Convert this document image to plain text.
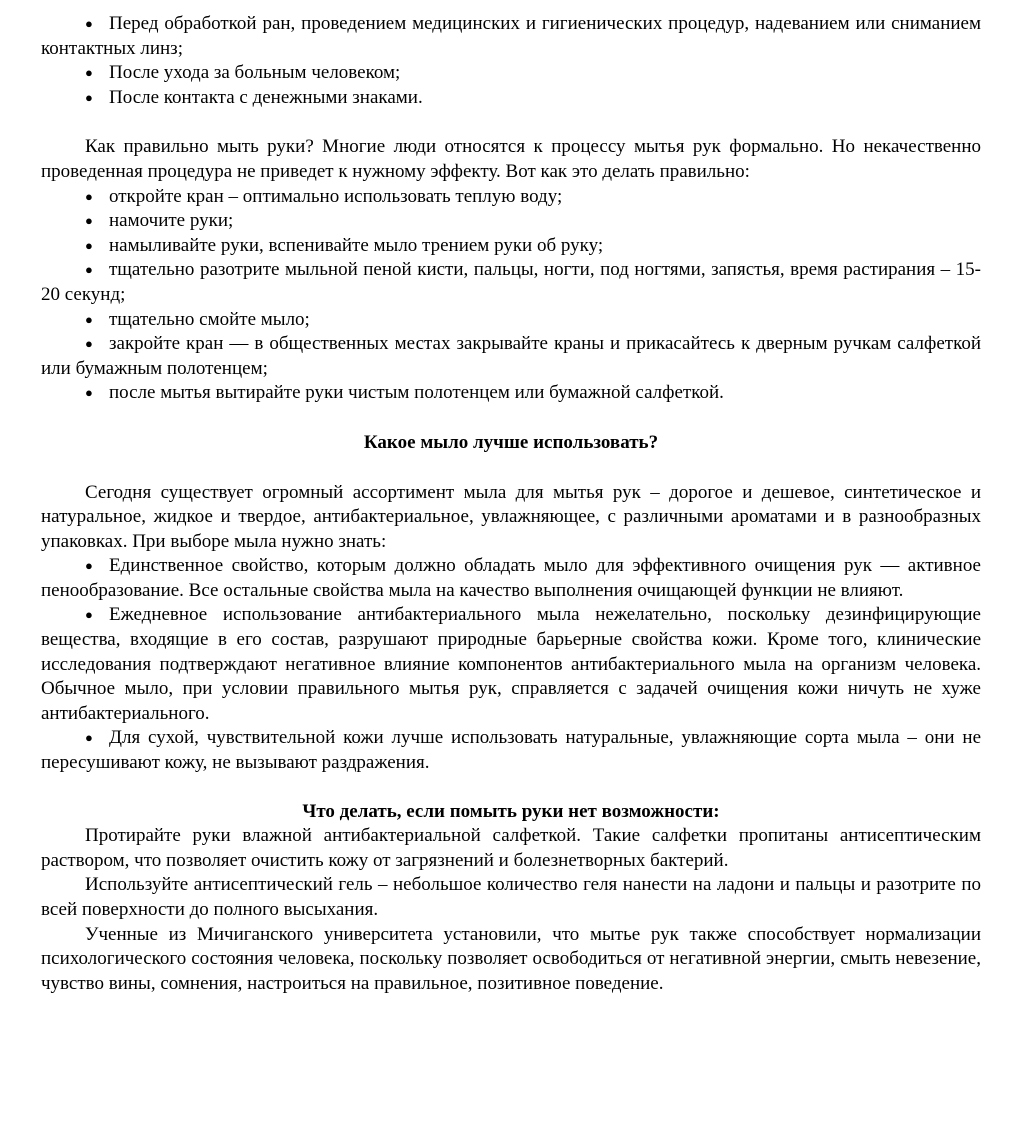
● Перед обработкой ран, проведением медицинских и гигиенических процедур, надеванием или сниманием контактных линз;

● После ухода за больным человеком;

● После контакта с денежными знаками.

Как правильно мыть руки? Многие люди относятся к процессу мытья рук формально. Но некачественно проведенная процедура не приведет к нужному эффекту. Вот как это делать правильно:

● откройте кран – оптимально использовать теплую воду;

● намочите руки;

● намыливайте руки, вспенивайте мыло трением руки об руку;

● тщательно разотрите мыльной пеной кисти, пальцы, ногти, под ногтями, запястья, время растирания – 15-20 секунд;

● тщательно смойте мыло;

● закройте кран — в общественных местах закрывайте краны и прикасайтесь к дверным ручкам салфеткой или бумажным полотенцем;

● после мытья вытирайте руки чистым полотенцем или бумажной салфеткой.

Какое мыло лучше использовать?

Сегодня существует огромный ассортимент мыла для мытья рук – дорогое и дешевое, синтетическое и натуральное, жидкое и твердое, антибактериальное, увлажняющее, с различными ароматами и в разнообразных упаковках. При выборе мыла нужно знать:

● Единственное свойство, которым должно обладать мыло для эффективного очищения рук — активное пенообразование. Все остальные свойства мыла на качество выполнения очищающей функции не влияют.

● Ежедневное использование антибактериального мыла нежелательно, поскольку дезинфицирующие вещества, входящие в его состав, разрушают природные барьерные свойства кожи. Кроме того, клинические исследования подтверждают негативное влияние компонентов антибактериального мыла на организм человека. Обычное мыло, при условии правильного мытья рук, справляется с задачей очищения кожи ничуть не хуже антибактериального.

● Для сухой, чувствительной кожи лучше использовать натуральные, увлажняющие сорта мыла – они не пересушивают кожу, не вызывают раздражения.

Что делать, если помыть руки нет возможности:

Протирайте руки влажной антибактериальной салфеткой. Такие салфетки пропитаны антисептическим раствором, что позволяет очистить кожу от загрязнений и болезнетворных бактерий.

Используйте антисептический гель – небольшое количество геля нанести на ладони и пальцы и разотрите по всей поверхности до полного высыхания.

Ученные из Мичиганского университета установили, что мытье рук также способствует нормализации психологического состояния человека, поскольку позволяет освободиться от негативной энергии, смыть невезение, чувство вины, сомнения, настроиться на правильное, позитивное поведение.
